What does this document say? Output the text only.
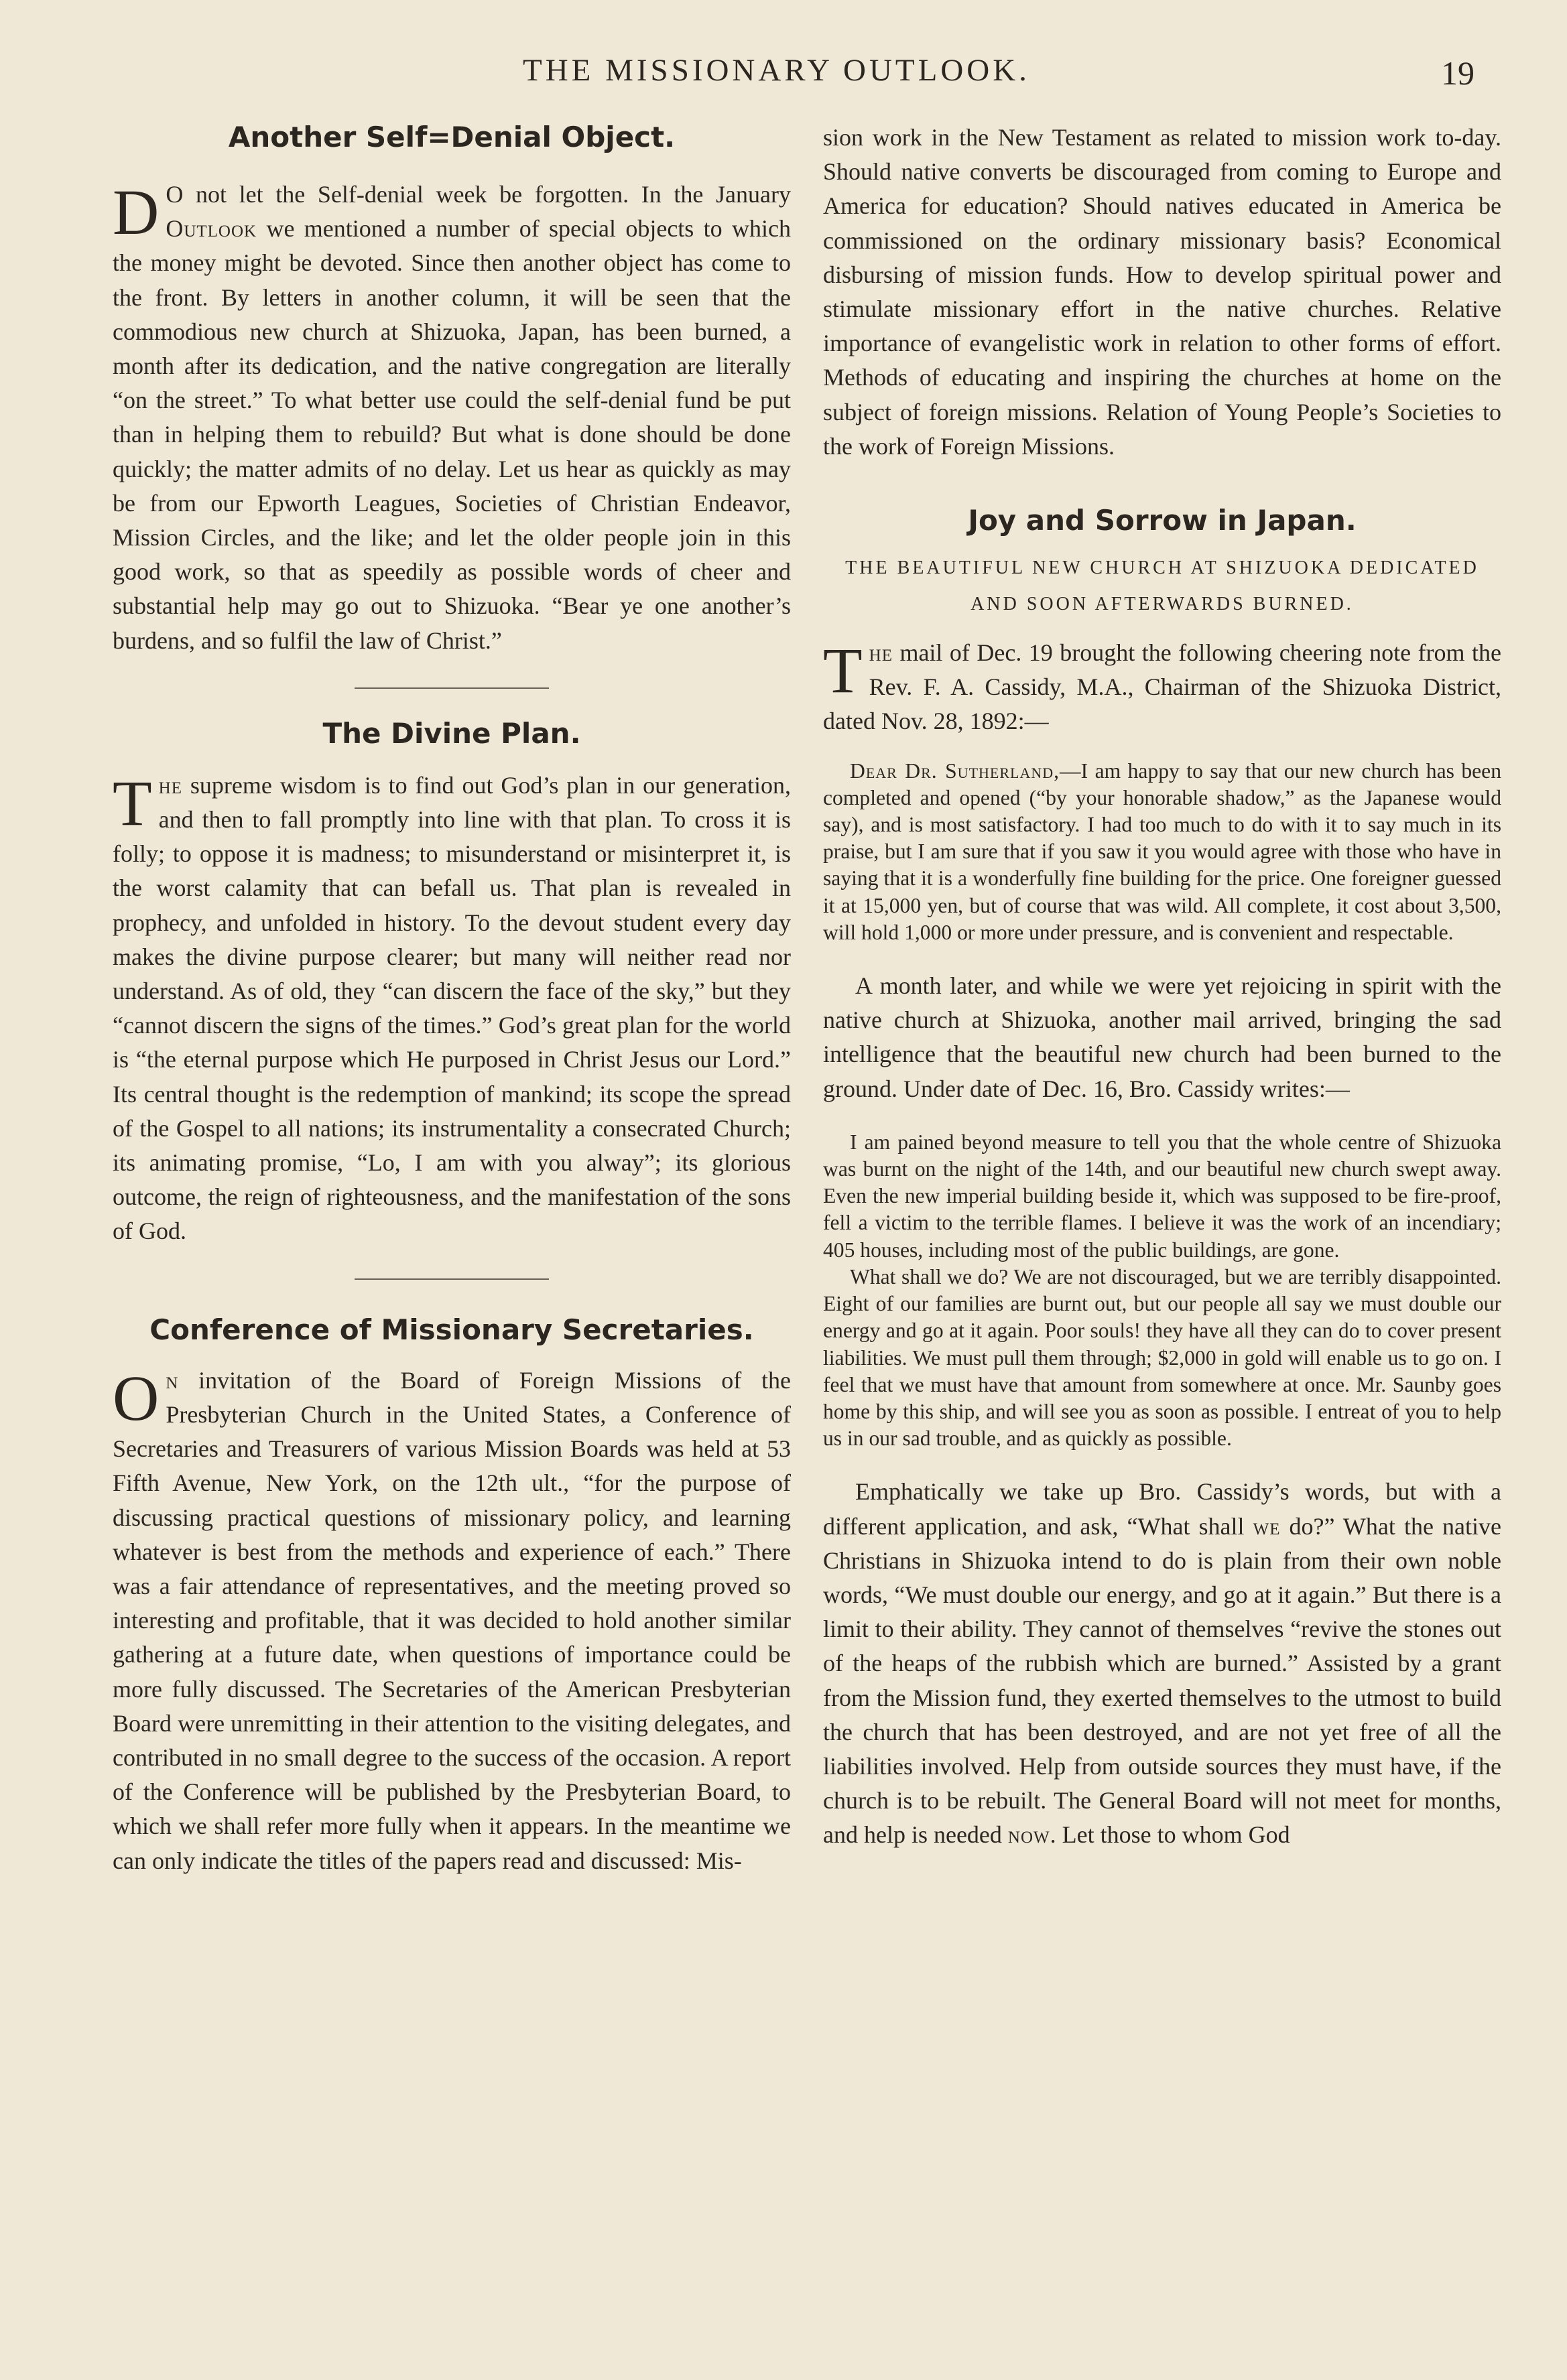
THE MISSIONARY OUTLOOK.	19
Another Self=Denial Object.

D O not let the Self-denial week be forgotten. In the January Outlook we mentioned a number of special objects to which the money might be devoted. Since then another object has come to the front. By letters in another column, it will be seen that the commodious new church at Shizuoka, Japan, has been burned, a month after its dedication, and the native congregation are literally “on the street.” To what better use could the self-denial fund be put than in helping them to rebuild? But what is done should be done quickly; the matter admits of no delay. Let us hear as quickly as may be from our Epworth Leagues, Societies of Christian Endeavor, Mission Circles, and the like; and let the older people join in this good work, so that as speedily as possible words of cheer and substantial help may go out to Shizuoka. “Bear ye one another’s burdens, and so fulfil the law of Christ.”

The Divine Plan.

The supreme wisdom is to find out God’s plan in our generation, and then to fall promptly into line with that plan. To cross it is folly; to oppose it is madness; to misunderstand or misinterpret it, is the worst calamity that can befall us. That plan is revealed in prophecy, and unfolded in history. To the devout student every day makes the divine purpose clearer; but many will neither read nor understand. As of old, they “can discern the face of the sky,” but they “cannot discern the signs of the times.” God’s great plan for the world is “the eternal purpose which He purposed in Christ Jesus our Lord.” Its central thought is the redemption of mankind; its scope the spread of the Gospel to all nations; its instrumentality a consecrated Church; its animating promise, “Lo, I am with you alway”; its glorious outcome, the reign of righteousness, and the manifestation of the sons of God.

Conference of Missionary Secretaries.

On invitation of the Board of Foreign Missions of the Presbyterian Church in the United States, a Conference of Secretaries and Treasurers of various Mission Boards was held at 53 Fifth Avenue, New York, on the 12th ult., “for the purpose of discussing practical questions of missionary policy, and learning whatever is best from the methods and experience of each.” There was a fair attendance of representatives, and the meeting proved so interesting and profitable, that it was decided to hold another similar gathering at a future date, when questions of importance could be more fully discussed. The Secretaries of the American Presbyterian Board were unremitting in their attention to the visiting delegates, and contributed in no small degree to the success of the occasion. A report of the Conference will be published by the Presbyterian Board, to which we shall refer more fully when it appears. In the meantime we can only indicate the titles of the papers read and discussed: Mis-

sion work in the New Testament as related to mission work to-day. Should native converts be discouraged from coming to Europe and America for education? Should natives educated in America be commissioned on the ordinary missionary basis? Economical disbursing of mission funds. How to develop spiritual power and stimulate missionary effort in the native churches. Relative importance of evangelistic work in relation to other forms of effort. Methods of educating and inspiring the churches at home on the subject of foreign missions. Relation of Young People’s Societies to the work of Foreign Missions.

Joy and Sorrow in Japan.

THE BEAUTIFUL NEW CHURCH AT SHIZUOKA DEDICATED AND SOON AFTERWARDS BURNED.

The mail of Dec. 19 brought the following cheering note from the Rev. F. A. Cassidy, M.A., Chairman of the Shizuoka District, dated Nov. 28, 1892:—

Dear Dr. Sutherland,—I am happy to say that our new church has been completed and opened (“by your honorable shadow,” as the Japanese would say), and is most satisfactory. I had too much to do with it to say much in its praise, but I am sure that if you saw it you would agree with those who have in saying that it is a wonderfully fine building for the price. One foreigner guessed it at 15,000 yen, but of course that was wild. All complete, it cost about 3,500, will hold 1,000 or more under pressure, and is convenient and respectable.

A month later, and while we were yet rejoicing in spirit with the native church at Shizuoka, another mail arrived, bringing the sad intelligence that the beautiful new church had been burned to the ground. Under date of Dec. 16, Bro. Cassidy writes:—

I am pained beyond measure to tell you that the whole centre of Shizuoka was burnt on the night of the 14th, and our beautiful new church swept away. Even the new imperial building beside it, which was supposed to be fire-proof, fell a victim to the terrible flames. I believe it was the work of an incendiary; 405 houses, including most of the public buildings, are gone.

What shall we do? We are not discouraged, but we are terribly disappointed. Eight of our families are burnt out, but our people all say we must double our energy and go at it again. Poor souls! they have all they can do to cover present liabilities. We must pull them through; $2,000 in gold will enable us to go on. I feel that we must have that amount from somewhere at once. Mr. Saunby goes home by this ship, and will see you as soon as possible. I entreat of you to help us in our sad trouble, and as quickly as possible.

Emphatically we take up Bro. Cassidy’s words, but with a different application, and ask, “What shall we do?” What the native Christians in Shizuoka intend to do is plain from their own noble words, “We must double our energy, and go at it again.” But there is a limit to their ability. They cannot of themselves “revive the stones out of the heaps of the rubbish which are burned.” Assisted by a grant from the Mission fund, they exerted themselves to the utmost to build the church that has been destroyed, and are not yet free of all the liabilities involved. Help from outside sources they must have, if the church is to be rebuilt. The General Board will not meet for months, and help is needed now. Let those to whom God
